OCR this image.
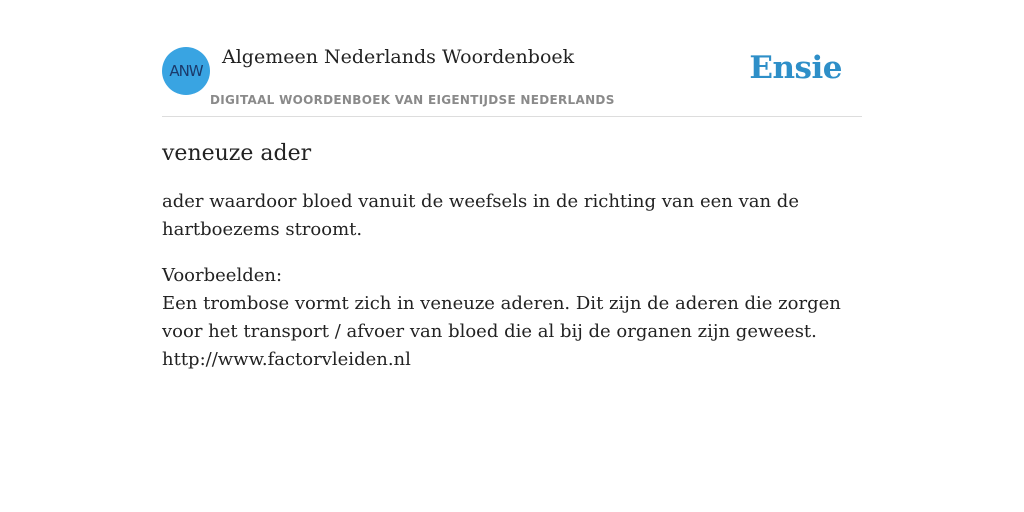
ANW
Algemeen Nederlands Woordenboek
DIGITAAL WOORDENBOEK VAN EIGENTIJDSE NEDERLANDS
Ensie
veneuze ader

ader waardoor bloed vanuit de weefsels in de richting van een van de hartboezems stroomt.

Voorbeelden:
Een trombose vormt zich in veneuze aderen. Dit zijn de aderen die zorgen voor het transport / afvoer van bloed die al bij de organen zijn geweest.
http://www.factorvleiden.nl
